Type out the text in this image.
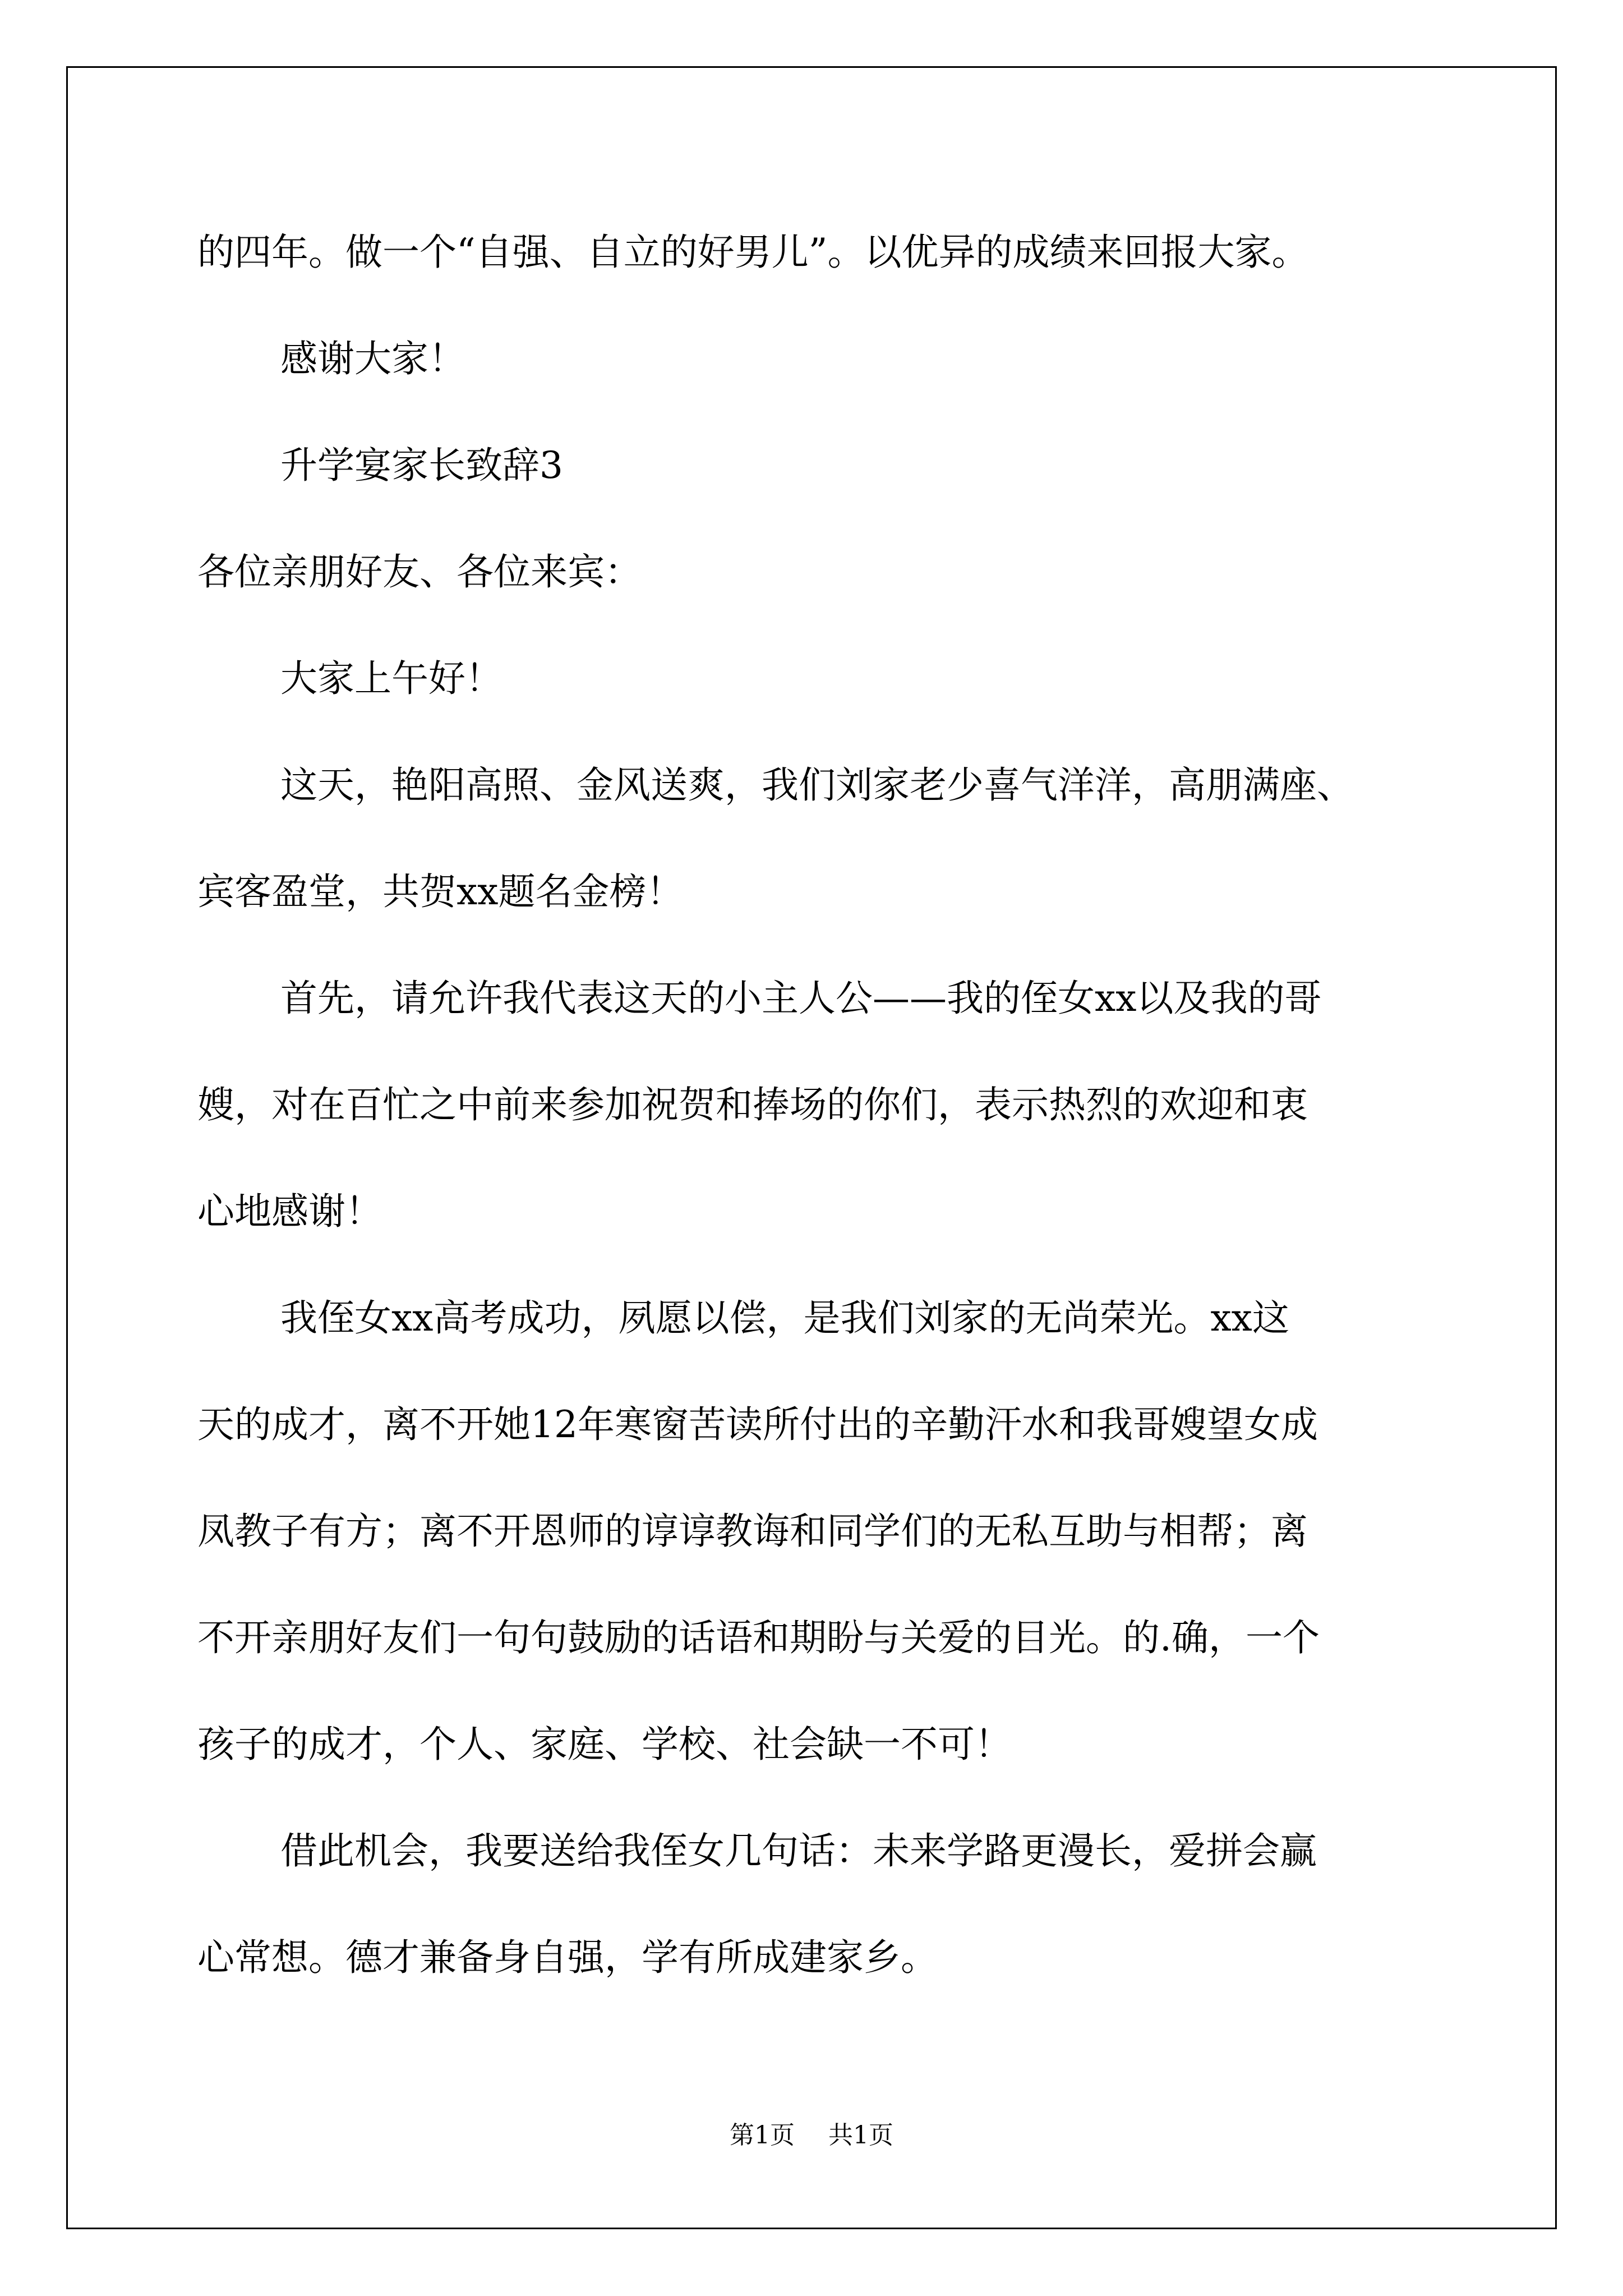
的四年。做一个“自强、自立的好男儿”。以优异的成绩来回报大家。
感谢大家！
升学宴家长致辞3
各位亲朋好友、各位来宾：
大家上午好！
这天，艳阳高照、金风送爽，我们刘家老少喜气洋洋，高朋满座、
宾客盈堂，共贺xx题名金榜！
首先，请允许我代表这天的小主人公——我的侄女xx以及我的哥
嫂，对在百忙之中前来参加祝贺和捧场的你们，表示热烈的欢迎和衷
心地感谢！
我侄女xx高考成功，夙愿以偿，是我们刘家的无尚荣光。xx这
天的成才，离不开她12年寒窗苦读所付出的辛勤汗水和我哥嫂望女成
凤教子有方；离不开恩师的谆谆教诲和同学们的无私互助与相帮；离
不开亲朋好友们一句句鼓励的话语和期盼与关爱的目光。的.确，一个
孩子的成才，个人、家庭、学校、社会缺一不可！
借此机会，我要送给我侄女几句话：未来学路更漫长，爱拼会赢
心常想。德才兼备身自强，学有所成建家乡。
第1页 共1页
